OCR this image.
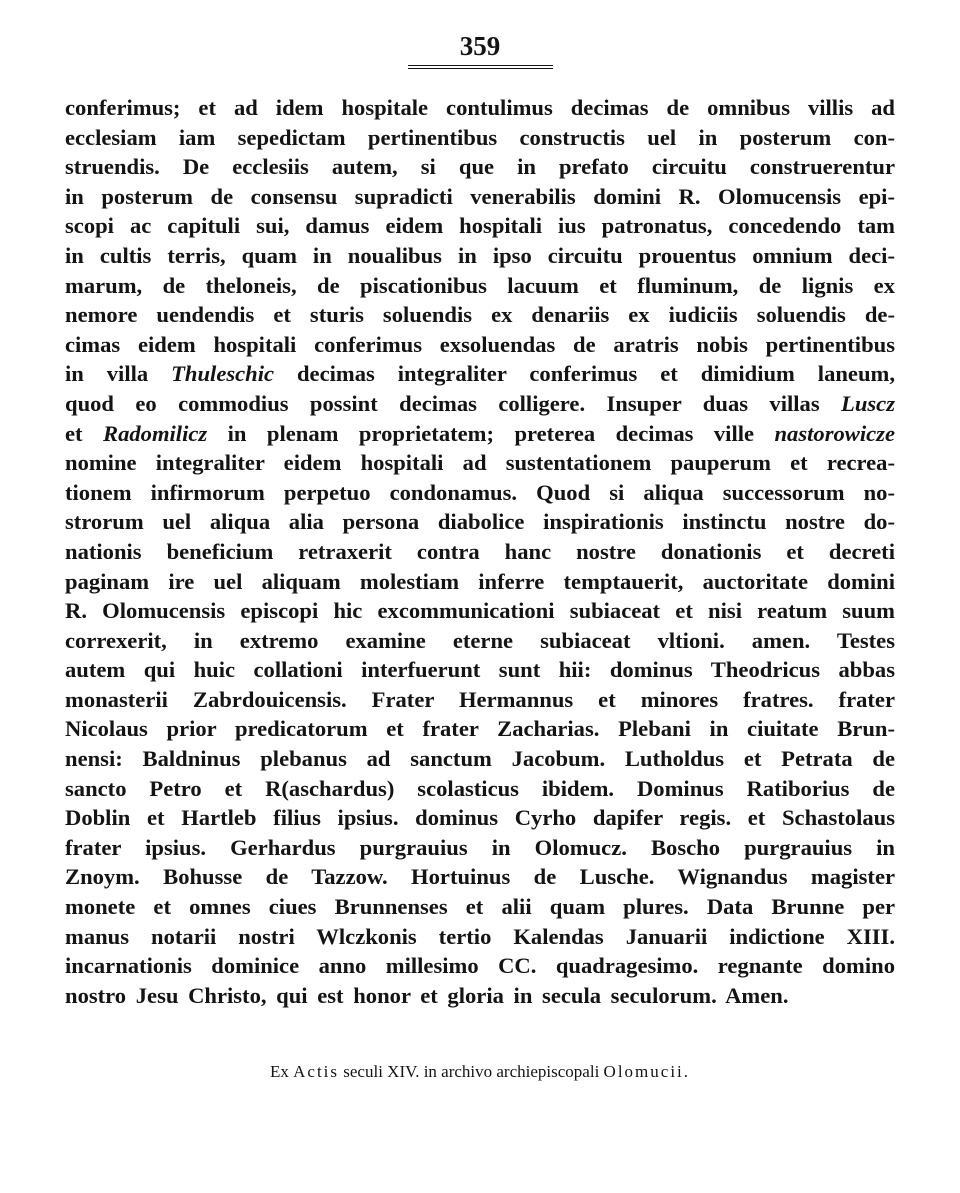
359
conferimus; et ad idem hospitale contulimus decimas de omnibus villis ad
ecclesiam iam sepedictam pertinentibus constructis uel in posterum con-
struendis. De ecclesiis autem, si que in prefato circuitu construerentur
in posterum de consensu supradicti venerabilis domini R. Olomucensis epi-
scopi ac capituli sui, damus eidem hospitali ius patronatus, concedendo tam
in cultis terris, quam in noualibus in ipso circuitu prouentus omnium deci-
marum, de theloneis, de piscationibus lacuum et fluminum, de lignis ex
nemore uendendis et sturis soluendis ex denariis ex iudiciis soluendis de-
cimas eidem hospitali conferimus exsoluendas de aratris nobis pertinentibus
in villa Thuleschic decimas integraliter conferimus et dimidium laneum,
quod eo commodius possint decimas colligere. Insuper duas villas Luscz
et Radomilicz in plenam proprietatem; preterea decimas ville nastorowicze
nomine integraliter eidem hospitali ad sustentationem pauperum et recrea-
tionem infirmorum perpetuo condonamus. Quod si aliqua successorum no-
strorum uel aliqua alia persona diabolice inspirationis instinctu nostre do-
nationis beneficium retraxerit contra hanc nostre donationis et decreti
paginam ire uel aliquam molestiam inferre temptauerit, auctoritate domini
R. Olomucensis episcopi hic excommunicationi subiaceat et nisi reatum suum
correxerit, in extremo examine eterne subiaceat vltioni. amen. Testes
autem qui huic collationi interfuerunt sunt hii: dominus Theodricus abbas
monasterii Zabrdouicensis. Frater Hermannus et minores fratres. frater
Nicolaus prior predicatorum et frater Zacharias. Plebani in ciuitate Brun-
nensi: Baldninus plebanus ad sanctum Jacobum. Lutholdus et Petrata de
sancto Petro et R(aschardus) scolasticus ibidem. Dominus Ratiborius de
Doblin et Hartleb filius ipsius. dominus Cyrho dapifer regis. et Schastolaus
frater ipsius. Gerhardus purgrauius in Olomucz. Boscho purgrauius in
Znoym. Bohusse de Tazzow. Hortuinus de Lusche. Wignandus magister
monete et omnes ciues Brunnenses et alii quam plures. Data Brunne per
manus notarii nostri Wlczkonis tertio Kalendas Januarii indictione XIII.
incarnationis dominice anno millesimo CC. quadragesimo. regnante domino
nostro Jesu Christo, qui est honor et gloria in secula seculorum. Amen.
Ex Actis seculi XIV. in archivo archiepiscopali Olomucii.
